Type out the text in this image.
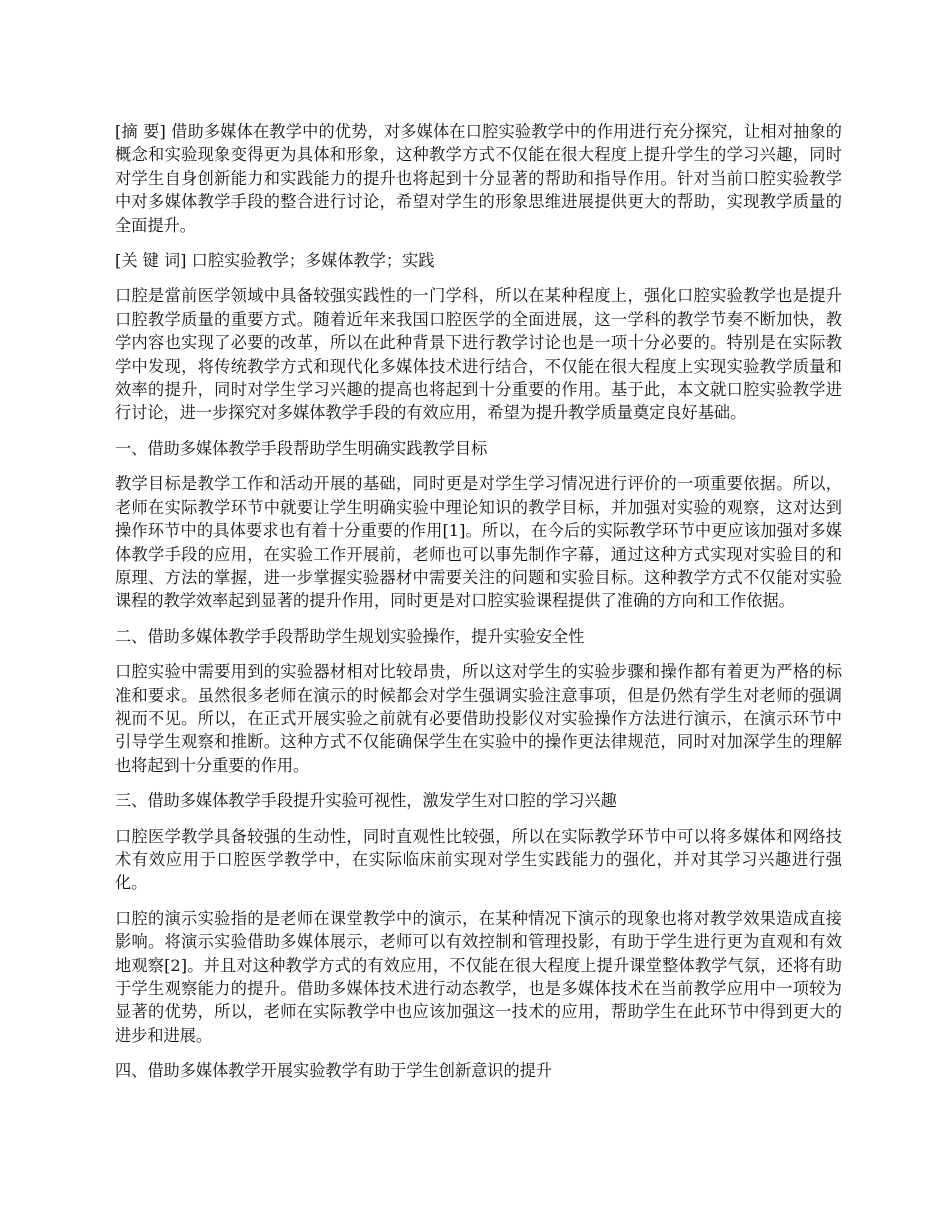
[摘 要] 借助多媒体在教学中的优势，对多媒体在口腔实验教学中的作用进行充分探究，让相对抽象的概念和实验现象变得更为具体和形象，这种教学方式不仅能在很大程度上提升学生的学习兴趣，同时对学生自身创新能力和实践能力的提升也将起到十分显著的帮助和指导作用。针对当前口腔实验教学中对多媒体教学手段的整合进行讨论，希望对学生的形象思维进展提供更大的帮助，实现教学质量的全面提升。

[关 键 词] 口腔实验教学；多媒体教学；实践

口腔是當前医学领域中具备较强实践性的一门学科，所以在某种程度上，强化口腔实验教学也是提升口腔教学质量的重要方式。随着近年来我国口腔医学的全面进展，这一学科的教学节奏不断加快，教学内容也实现了必要的改革，所以在此种背景下进行教学讨论也是一项十分必要的。特别是在实际教学中发现，将传统教学方式和现代化多媒体技术进行结合，不仅能在很大程度上实现实验教学质量和效率的提升，同时对学生学习兴趣的提高也将起到十分重要的作用。基于此，本文就口腔实验教学进行讨论，进一步探究对多媒体教学手段的有效应用，希望为提升教学质量奠定良好基础。

一、借助多媒体教学手段帮助学生明确实践教学目标

教学目标是教学工作和活动开展的基础，同时更是对学生学习情况进行评价的一项重要依据。所以，老师在实际教学环节中就要让学生明确实验中理论知识的教学目标，并加强对实验的观察，这对达到操作环节中的具体要求也有着十分重要的作用[1]。所以，在今后的实际教学环节中更应该加强对多媒体教学手段的应用，在实验工作开展前，老师也可以事先制作字幕，通过这种方式实现对实验目的和原理、方法的掌握，进一步掌握实验器材中需要关注的问题和实验目标。这种教学方式不仅能对实验课程的教学效率起到显著的提升作用，同时更是对口腔实验课程提供了准确的方向和工作依据。

二、借助多媒体教学手段帮助学生规划实验操作，提升实验安全性

口腔实验中需要用到的实验器材相对比较昂贵，所以这对学生的实验步骤和操作都有着更为严格的标准和要求。虽然很多老师在演示的时候都会对学生强调实验注意事项，但是仍然有学生对老师的强调视而不见。所以，在正式开展实验之前就有必要借助投影仪对实验操作方法进行演示，在演示环节中引导学生观察和推断。这种方式不仅能确保学生在实验中的操作更法律规范，同时对加深学生的理解也将起到十分重要的作用。

三、借助多媒体教学手段提升实验可视性，激发学生对口腔的学习兴趣

口腔医学教学具备较强的生动性，同时直观性比较强，所以在实际教学环节中可以将多媒体和网络技术有效应用于口腔医学教学中，在实际临床前实现对学生实践能力的强化，并对其学习兴趣进行强化。

口腔的演示实验指的是老师在课堂教学中的演示，在某种情况下演示的现象也将对教学效果造成直接影响。将演示实验借助多媒体展示，老师可以有效控制和管理投影，有助于学生进行更为直观和有效地观察[2]。并且对这种教学方式的有效应用，不仅能在很大程度上提升课堂整体教学气氛，还将有助于学生观察能力的提升。借助多媒体技术进行动态教学，也是多媒体技术在当前教学应用中一项较为显著的优势，所以，老师在实际教学中也应该加强这一技术的应用，帮助学生在此环节中得到更大的进步和进展。

四、借助多媒体教学开展实验教学有助于学生创新意识的提升
